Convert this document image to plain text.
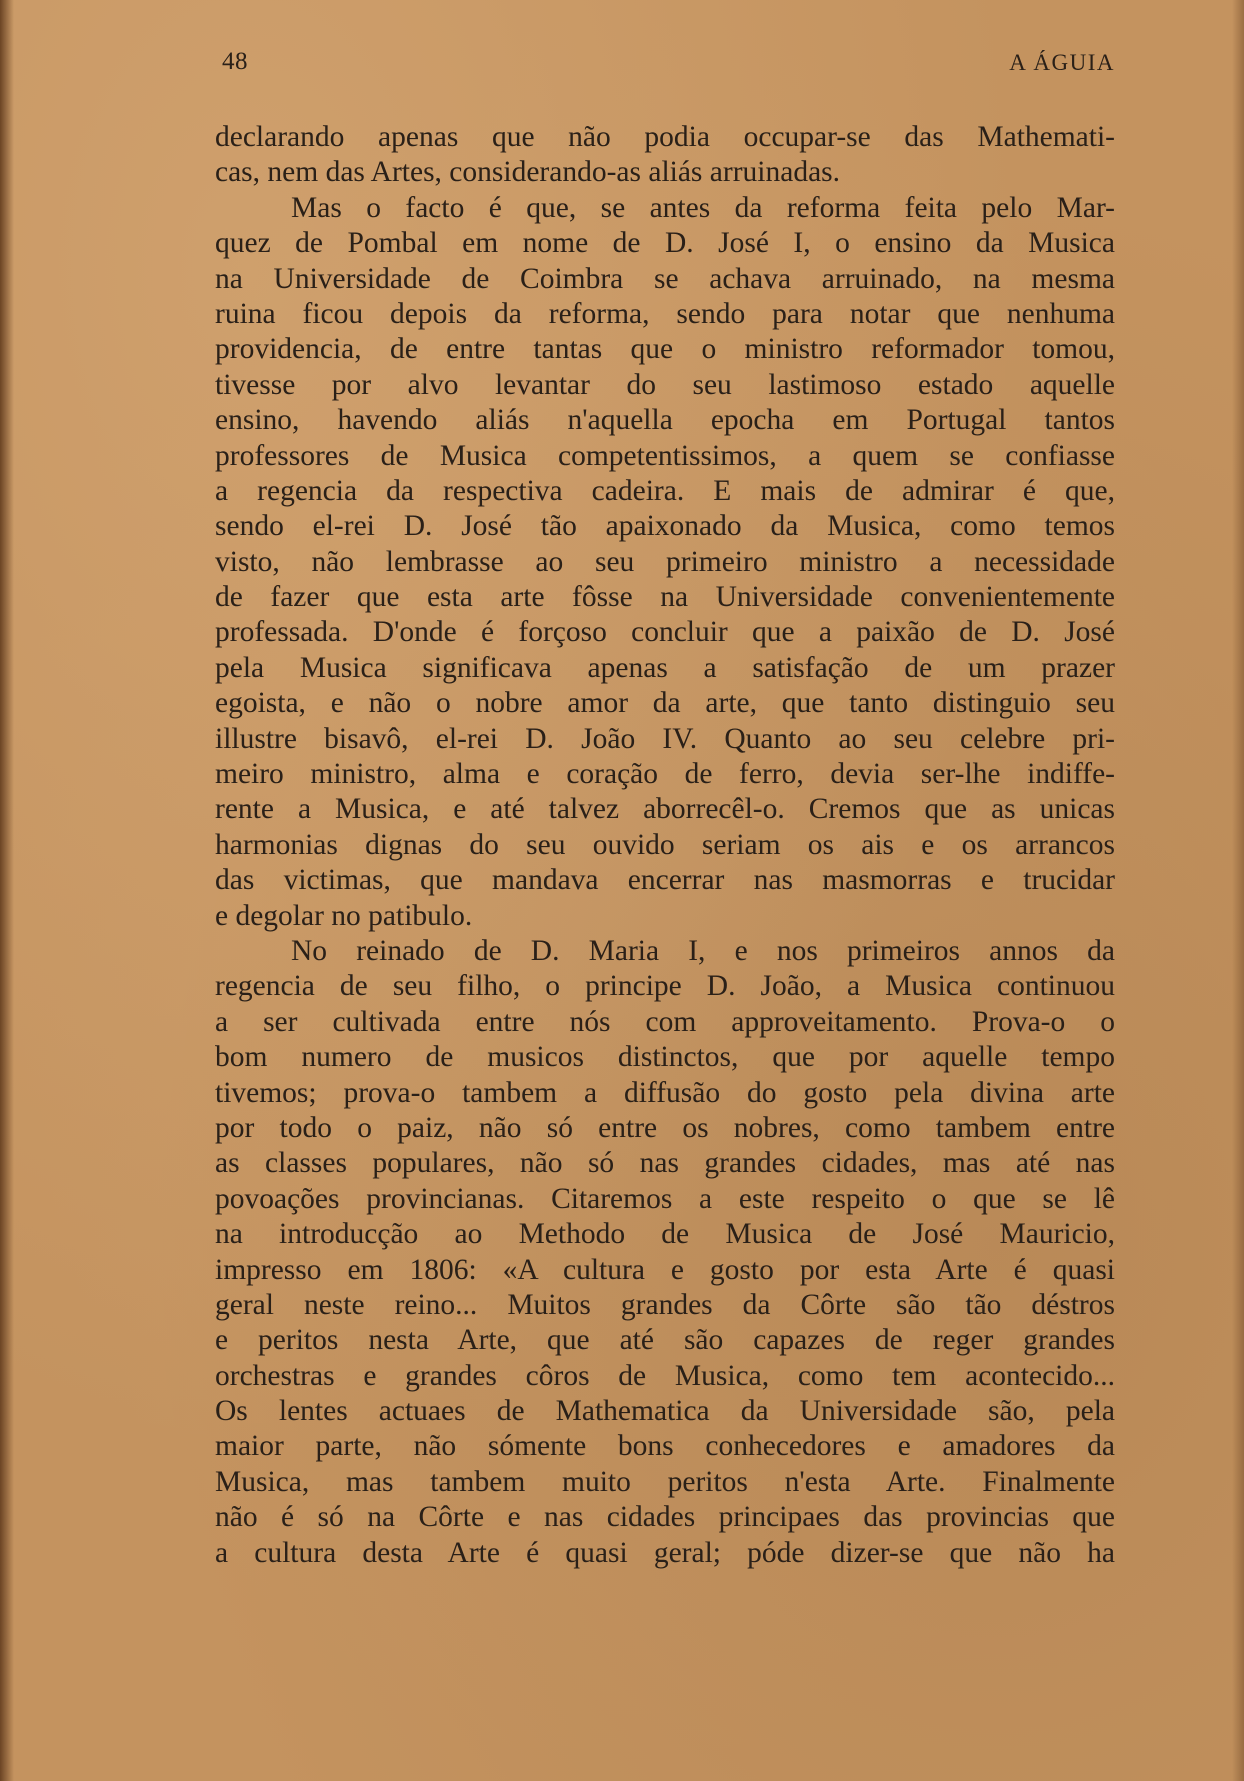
48	A ÁGUIA
declarando apenas que não podia occupar-se das Mathemati-
cas, nem das Artes, considerando-as aliás arruinadas.
Mas o facto é que, se antes da reforma feita pelo Mar-
quez de Pombal em nome de D. José I, o ensino da Musica
na Universidade de Coimbra se achava arruinado, na mesma
ruina ficou depois da reforma, sendo para notar que nenhuma
providencia, de entre tantas que o ministro reformador tomou,
tivesse por alvo levantar do seu lastimoso estado aquelle
ensino, havendo aliás n'aquella epocha em Portugal tantos
professores de Musica competentissimos, a quem se confiasse
a regencia da respectiva cadeira. E mais de admirar é que,
sendo el-rei D. José tão apaixonado da Musica, como temos
visto, não lembrasse ao seu primeiro ministro a necessidade
de fazer que esta arte fôsse na Universidade convenientemente
professada. D'onde é forçoso concluir que a paixão de D. José
pela Musica significava apenas a satisfação de um prazer
egoista, e não o nobre amor da arte, que tanto distinguio seu
illustre bisavô, el-rei D. João IV. Quanto ao seu celebre pri-
meiro ministro, alma e coração de ferro, devia ser-lhe indiffe-
rente a Musica, e até talvez aborrecêl-o. Cremos que as unicas
harmonias dignas do seu ouvido seriam os ais e os arrancos
das victimas, que mandava encerrar nas masmorras e trucidar
e degolar no patibulo.
No reinado de D. Maria I, e nos primeiros annos da
regencia de seu filho, o principe D. João, a Musica continuou
a ser cultivada entre nós com approveitamento. Prova-o o
bom numero de musicos distinctos, que por aquelle tempo
tivemos; prova-o tambem a diffusão do gosto pela divina arte
por todo o paiz, não só entre os nobres, como tambem entre
as classes populares, não só nas grandes cidades, mas até nas
povoações provincianas. Citaremos a este respeito o que se lê
na introducção ao Methodo de Musica de José Mauricio,
impresso em 1806: «A cultura e gosto por esta Arte é quasi
geral neste reino... Muitos grandes da Côrte são tão déstros
e peritos nesta Arte, que até são capazes de reger grandes
orchestras e grandes côros de Musica, como tem acontecido...
Os lentes actuaes de Mathematica da Universidade são, pela
maior parte, não sómente bons conhecedores e amadores da
Musica, mas tambem muito peritos n'esta Arte. Finalmente
não é só na Côrte e nas cidades principaes das provincias que
a cultura desta Arte é quasi geral; póde dizer-se que não ha
